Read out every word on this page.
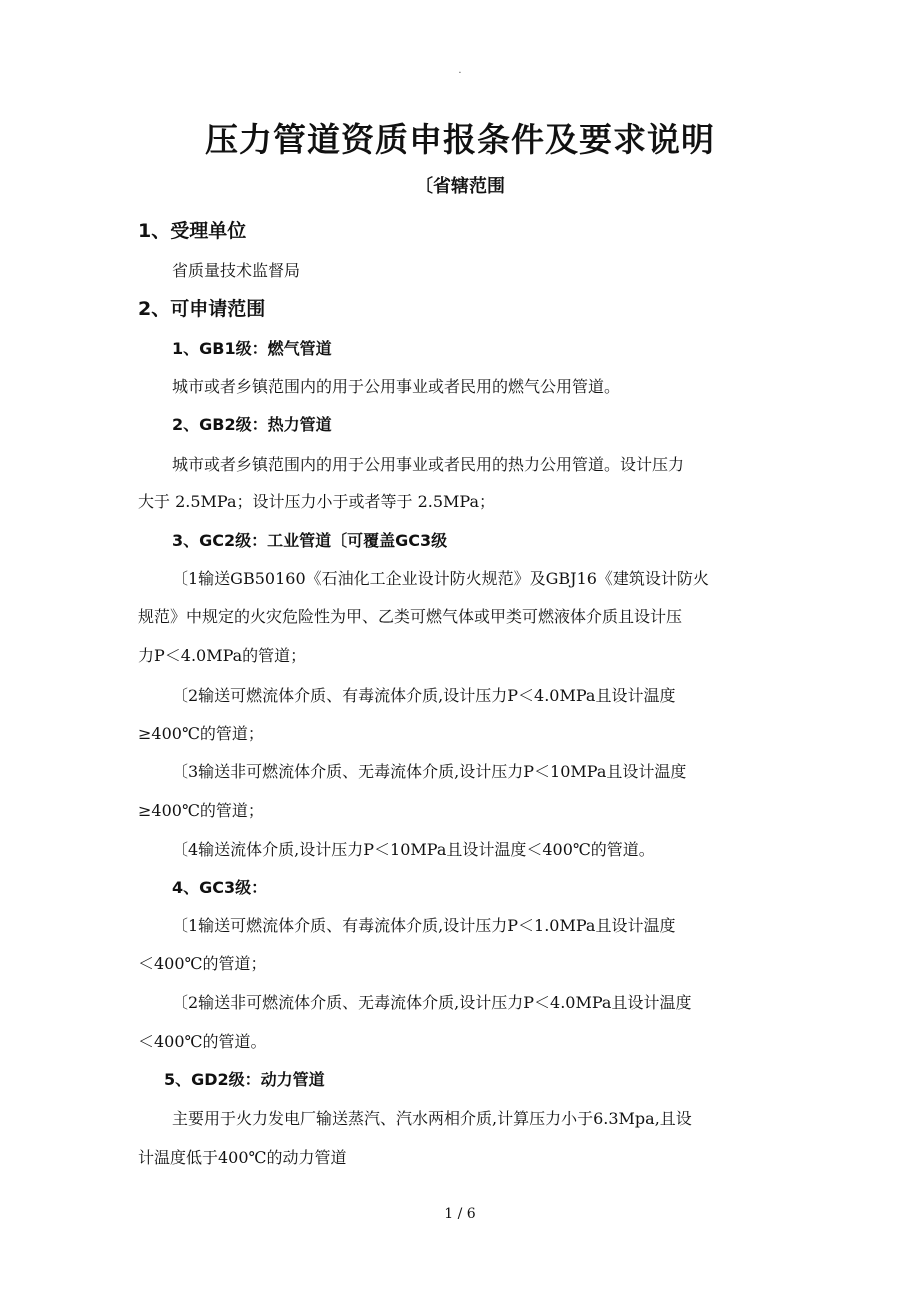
·
压力管道资质申报条件及要求说明
〔省辖范围
1、受理单位
省质量技术监督局
2、可申请范围
1、GB1级：燃气管道
城市或者乡镇范围内的用于公用事业或者民用的燃气公用管道。
2、GB2级：热力管道
城市或者乡镇范围内的用于公用事业或者民用的热力公用管道。设计压力
大于 2.5MPa；设计压力小于或者等于 2.5MPa；
3、GC2级：工业管道〔可覆盖GC3级
〔1输送GB50160《石油化工企业设计防火规范》及GBJ16《建筑设计防火
规范》中规定的火灾危险性为甲、乙类可燃气体或甲类可燃液体介质且设计压
力P＜4.0MPa的管道；
〔2输送可燃流体介质、有毒流体介质,设计压力P＜4.0MPa且设计温度
≥400℃的管道；
〔3输送非可燃流体介质、无毒流体介质,设计压力P＜10MPa且设计温度
≥400℃的管道；
〔4输送流体介质,设计压力P＜10MPa且设计温度＜400℃的管道。
4、GC3级：
〔1输送可燃流体介质、有毒流体介质,设计压力P＜1.0MPa且设计温度
＜400℃的管道；
〔2输送非可燃流体介质、无毒流体介质,设计压力P＜4.0MPa且设计温度
＜400℃的管道。
5、GD2级：动力管道
主要用于火力发电厂输送蒸汽、汽水两相介质,计算压力小于6.3Mpa,且设
计温度低于400℃的动力管道
1 / 6
